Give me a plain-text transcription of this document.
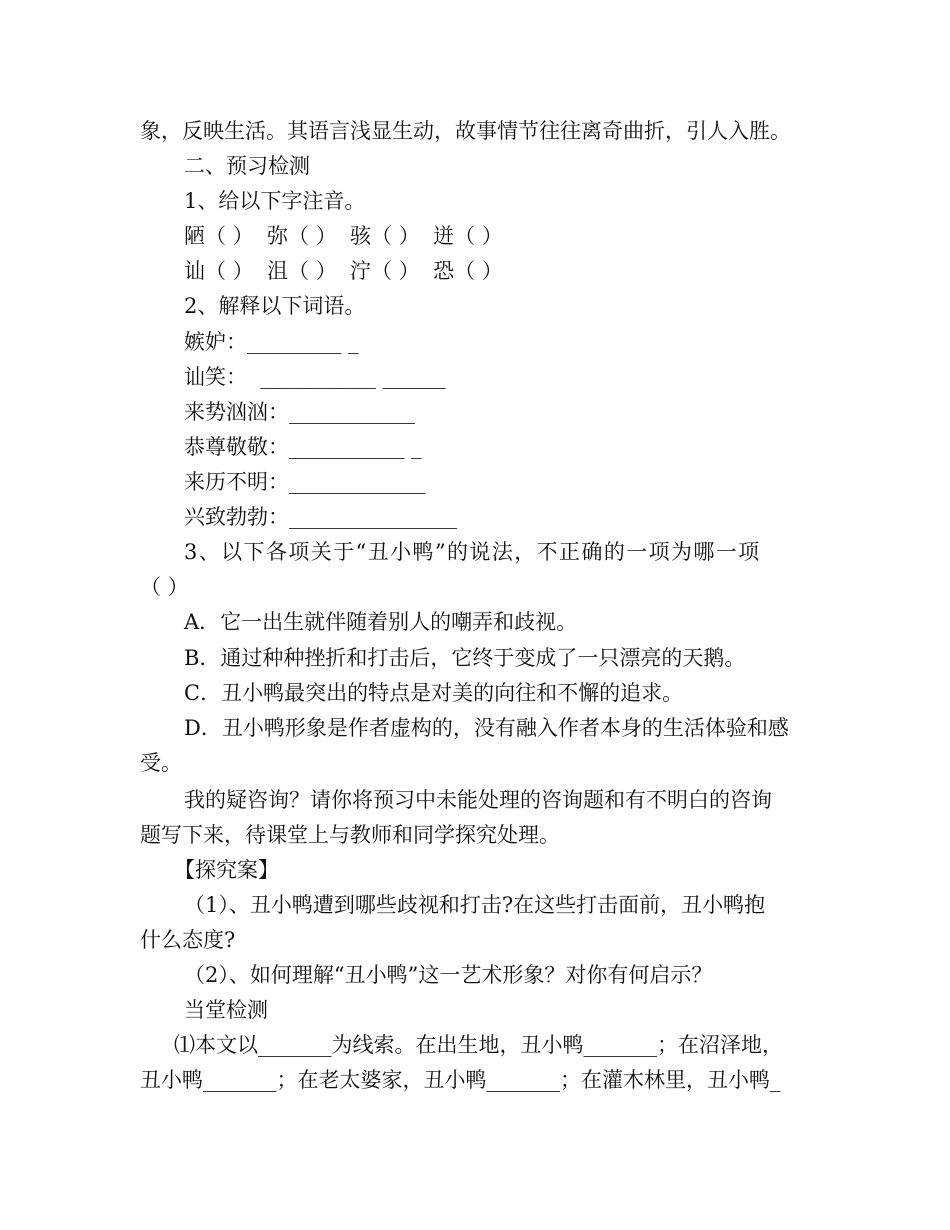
象，反映生活。其语言浅显生动，故事情节往往离奇曲折，引人入胜。
二、预习检测
1、给以下字注音。
陋（ ）  弥（ ）  骇（ ）  迸（ ）
讪（ ）  沮（ ）  泞（ ）  恐（ ）
2、解释以下词语。
嫉妒：_________ _
讪笑：  ___________ ______
来势汹汹：____________
恭尊敬敬：___________ _
来历不明：_____________
兴致勃勃：________________
3、以下各项关于“丑小鸭”的说法，不正确的一项为哪一项
（ ）
A．它一出生就伴随着别人的嘲弄和歧视。
B．通过种种挫折和打击后，它终于变成了一只漂亮的天鹅。
C．丑小鸭最突出的特点是对美的向往和不懈的追求。
D．丑小鸭形象是作者虚构的，没有融入作者本身的生活体验和感
受。
我的疑咨询？请你将预习中未能处理的咨询题和有不明白的咨询
题写下来，待课堂上与教师和同学探究处理。
【探究案】
（1）、丑小鸭遭到哪些歧视和打击?在这些打击面前，丑小鸭抱
什么态度?
（2）、如何理解“丑小鸭”这一艺术形象？对你有何启示？
当堂检测
⑴本文以_______为线索。在出生地，丑小鸭_______；在沼泽地，
丑小鸭_______；在老太婆家，丑小鸭_______；在灌木林里，丑小鸭_
